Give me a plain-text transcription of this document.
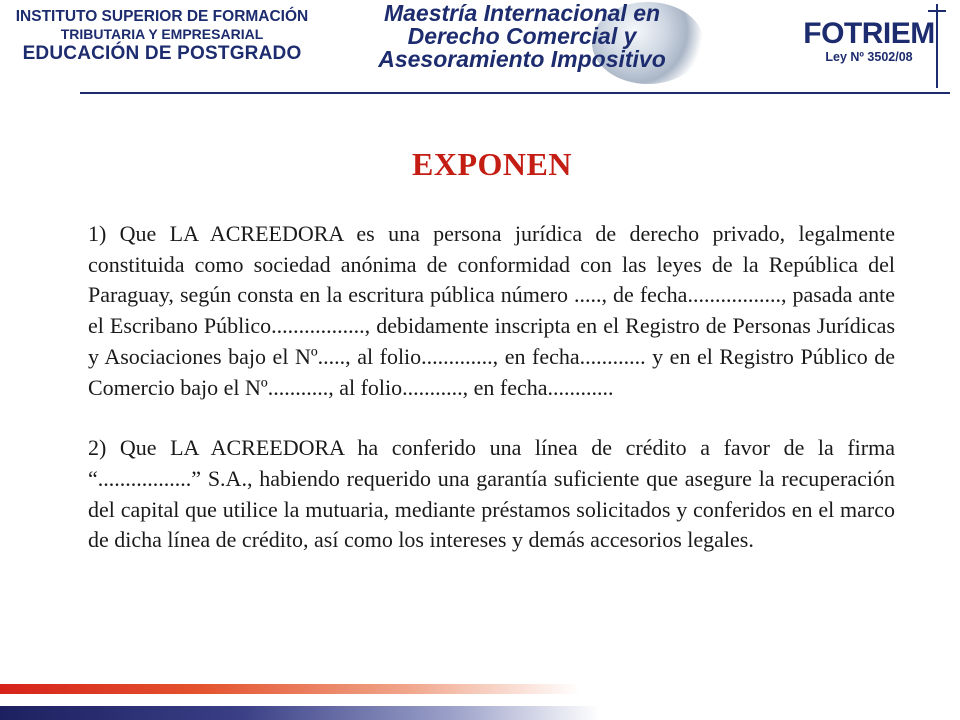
INSTITUTO SUPERIOR DE FORMACIÓN
TRIBUTARIA Y EMPRESARIAL
EDUCACIÓN DE POSTGRADO
Maestría Internacional en
Derecho Comercial y
Asesoramiento Impositivo
FOTRIEM
Ley Nº 3502/08
EXPONEN

1) Que LA ACREEDORA es una persona jurídica de derecho privado, legalmente constituida como sociedad anónima de conformidad con las leyes de la República del Paraguay, según consta en la escritura pública número ....., de fecha................., pasada ante el Escribano Público................., debidamente inscripta en el Registro de Personas Jurídicas y Asociaciones bajo el Nº....., al folio............., en fecha............ y en el Registro Público de Comercio bajo el Nº..........., al folio..........., en fecha............

2) Que LA ACREEDORA ha conferido una línea de crédito a favor de la firma “.................” S.A., habiendo requerido una garantía suficiente que asegure la recuperación del capital que utilice la mutuaria, mediante préstamos solicitados y conferidos en el marco de dicha línea de crédito, así como los intereses y demás accesorios legales.
